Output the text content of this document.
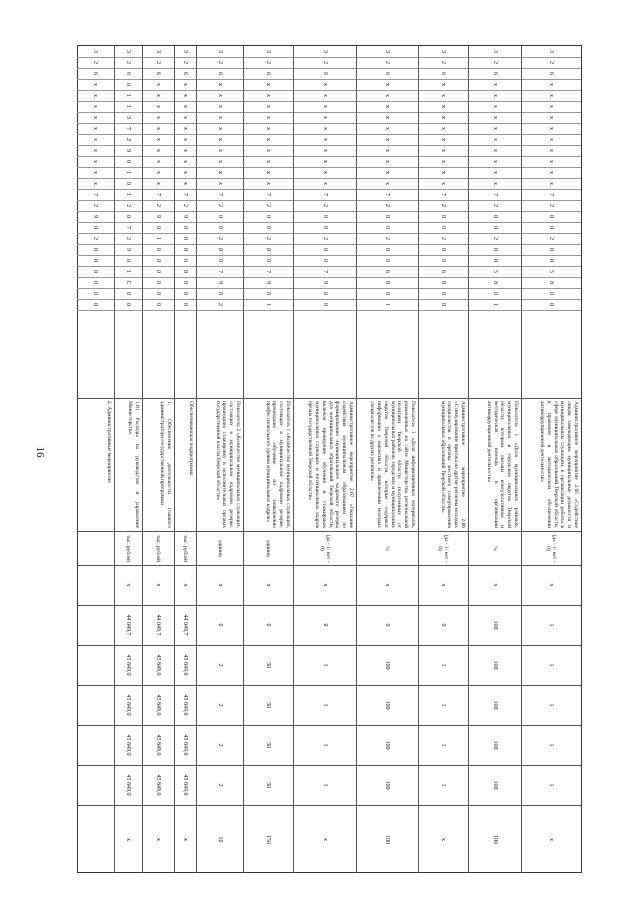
16
3
2
6
х
х
х
х
х
х
х
х
х
х
7
2
0
0
2
0
0
5
8
0
0
Административное мероприятие 2.05 «Содействие лицам, замещающим муниципальные должности и муниципальным служащим, в организации работы в сфере муниципальных образований Тверской области, в правовом и методическом обеспечении антикоррупционной деятельности»
(да - 1/ нет - 0)
х
1
1
1
1
1
х
3
2
6
х
х
х
х
х
х
х
х
х
х
7
2
0
0
2
0
0
5
8
0
1
Показатель 1 «Доля муниципальных районов, муниципальных и городских округов Тверской области, которым оказана консультативная и методическая помощь в организации антикоррупционной деятельности»
%
х
100
100
100
100
100
100
3
2
6
х
х
х
х
х
х
х
х
х
х
7
2
0
0
2
0
0
6
8
0
0
Административное мероприятие 2.06 «Стимулирование притока на другие регионы молодых специалистов в органы местного самоуправления муниципальных образований Тверской области»
(да - 1/ нет - 0)
х
0
1
1
1
1
х
3
2
6
х
х
х
х
х
х
х
х
х
х
7
2
0
0
2
0
0
6
8
0
1
Показатель 1 «Доля информационных материалов, размещенных на сайте Министерства региональной политики Тверской области, полученных от муниципальных районов, городских и муниципальных округов Тверской области, которые содержат информацию о вакансиях и привлечении молодых специалистов из других регионов»
%
х
0
100
100
100
100
100
3
2
6
х
х
х
х
х
х
х
х
х
х
7
2
0
0
2
0
0
7
9
0
0
Административное мероприятие 2.07 «Оказание содействия муниципальным образованиям по формированию муниципального кадрового резерва для муниципальных образований Тверской области, включая проведение обучения и стажировок муниципальных служащих и потенциальных кадров органа государственной Тверской области»
(да - 1/ нет - 0)
х
0
1
1
1
1
х
3
2
6
х
х
х
х
х
х
х
х
х
х
7
2
0
0
2
0
0
7
9
0
1
Показатель 1 «Количество муниципальных служащих, состоящих в муниципальном кадровом резерве, прошедших обучение по повышению профессионального уровня муниципальных кадров»
единиц
х
0
30
30
30
30
150
3
2
6
х
х
х
х
х
х
х
х
х
х
7
2
0
0
2
0
0
7
9
0
2
Показатель 2 «Количество муниципальных служащих, состоящих в муниципальном кадровом резерве, прошедших стажировку в исполнительных органах государственной власти Тверской области»
единиц
х
0
2
2
2
2
10
3
2
6
х
х
х
х
х
х
х
х
х
х
7
2
9
0
0
0
0
0
0
0
0
Обеспечивающая подпрограмма
тыс. рублей
х
44 049,7
45 849,0
45 849,0
45 849,0
45 849,0
х
3
2
6
х
х
х
х
х
х
х
х
х
х
7
2
9
0
1
0
0
0
0
0
0
1. Обеспечение деятельности главного администратора государственной программы
тыс. рублей
х
44 049,7
45 849,0
45 849,0
45 849,0
45 849,0
х
3
2
6
0
1
1
3
7
2
9
0
1
0
1
2
0
7
2
9
0
1
С
0
0
1.01 Расходы на руководство и управление Министерства
тыс. рублей
х
44 049,7
45 849,0
45 849,0
45 849,0
45 849,0
х
3
2
6
х
х
х
х
х
х
х
х
х
х
7
2
9
0
2
0
0
0
0
0
0
2. Административные мероприятия
